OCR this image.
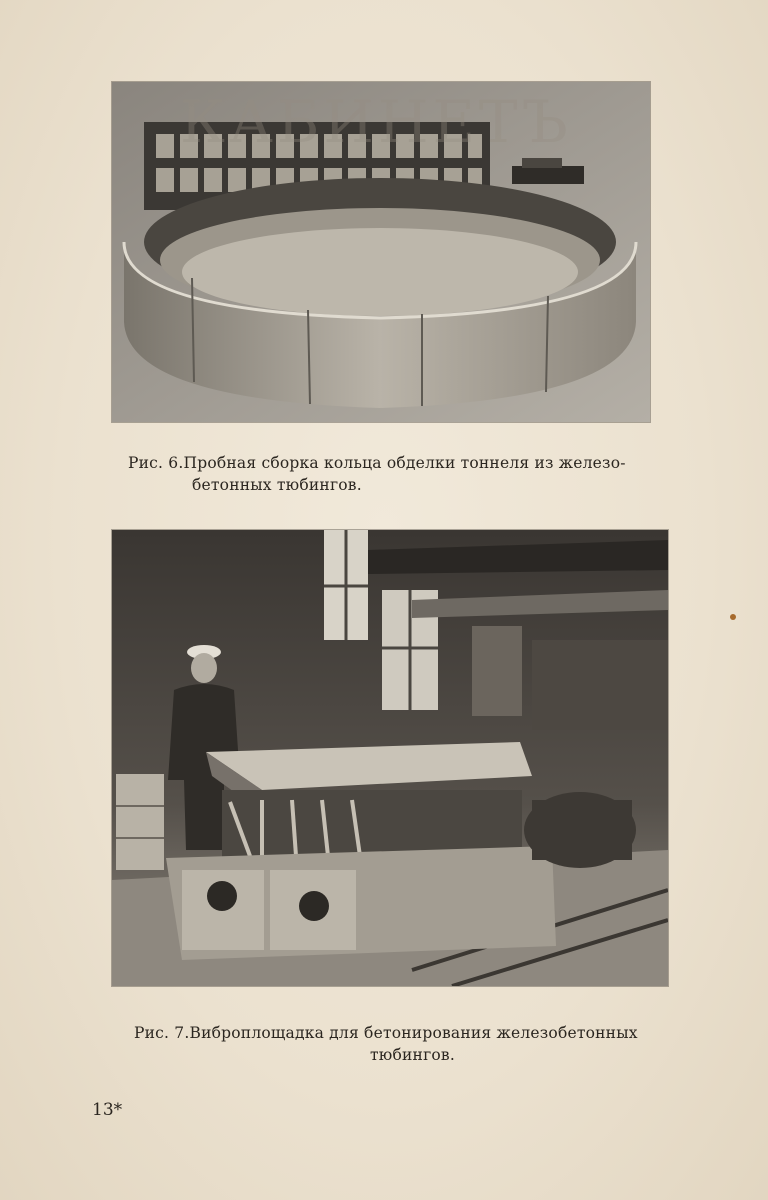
КАБИНЕТЪ
Рис. 6.Пробная сборка кольца обделки тоннеля из железо-
бетонных тюбингов.
Рис. 7.Виброплощадка для бетонирования железобетонных
тюбингов.
13*
